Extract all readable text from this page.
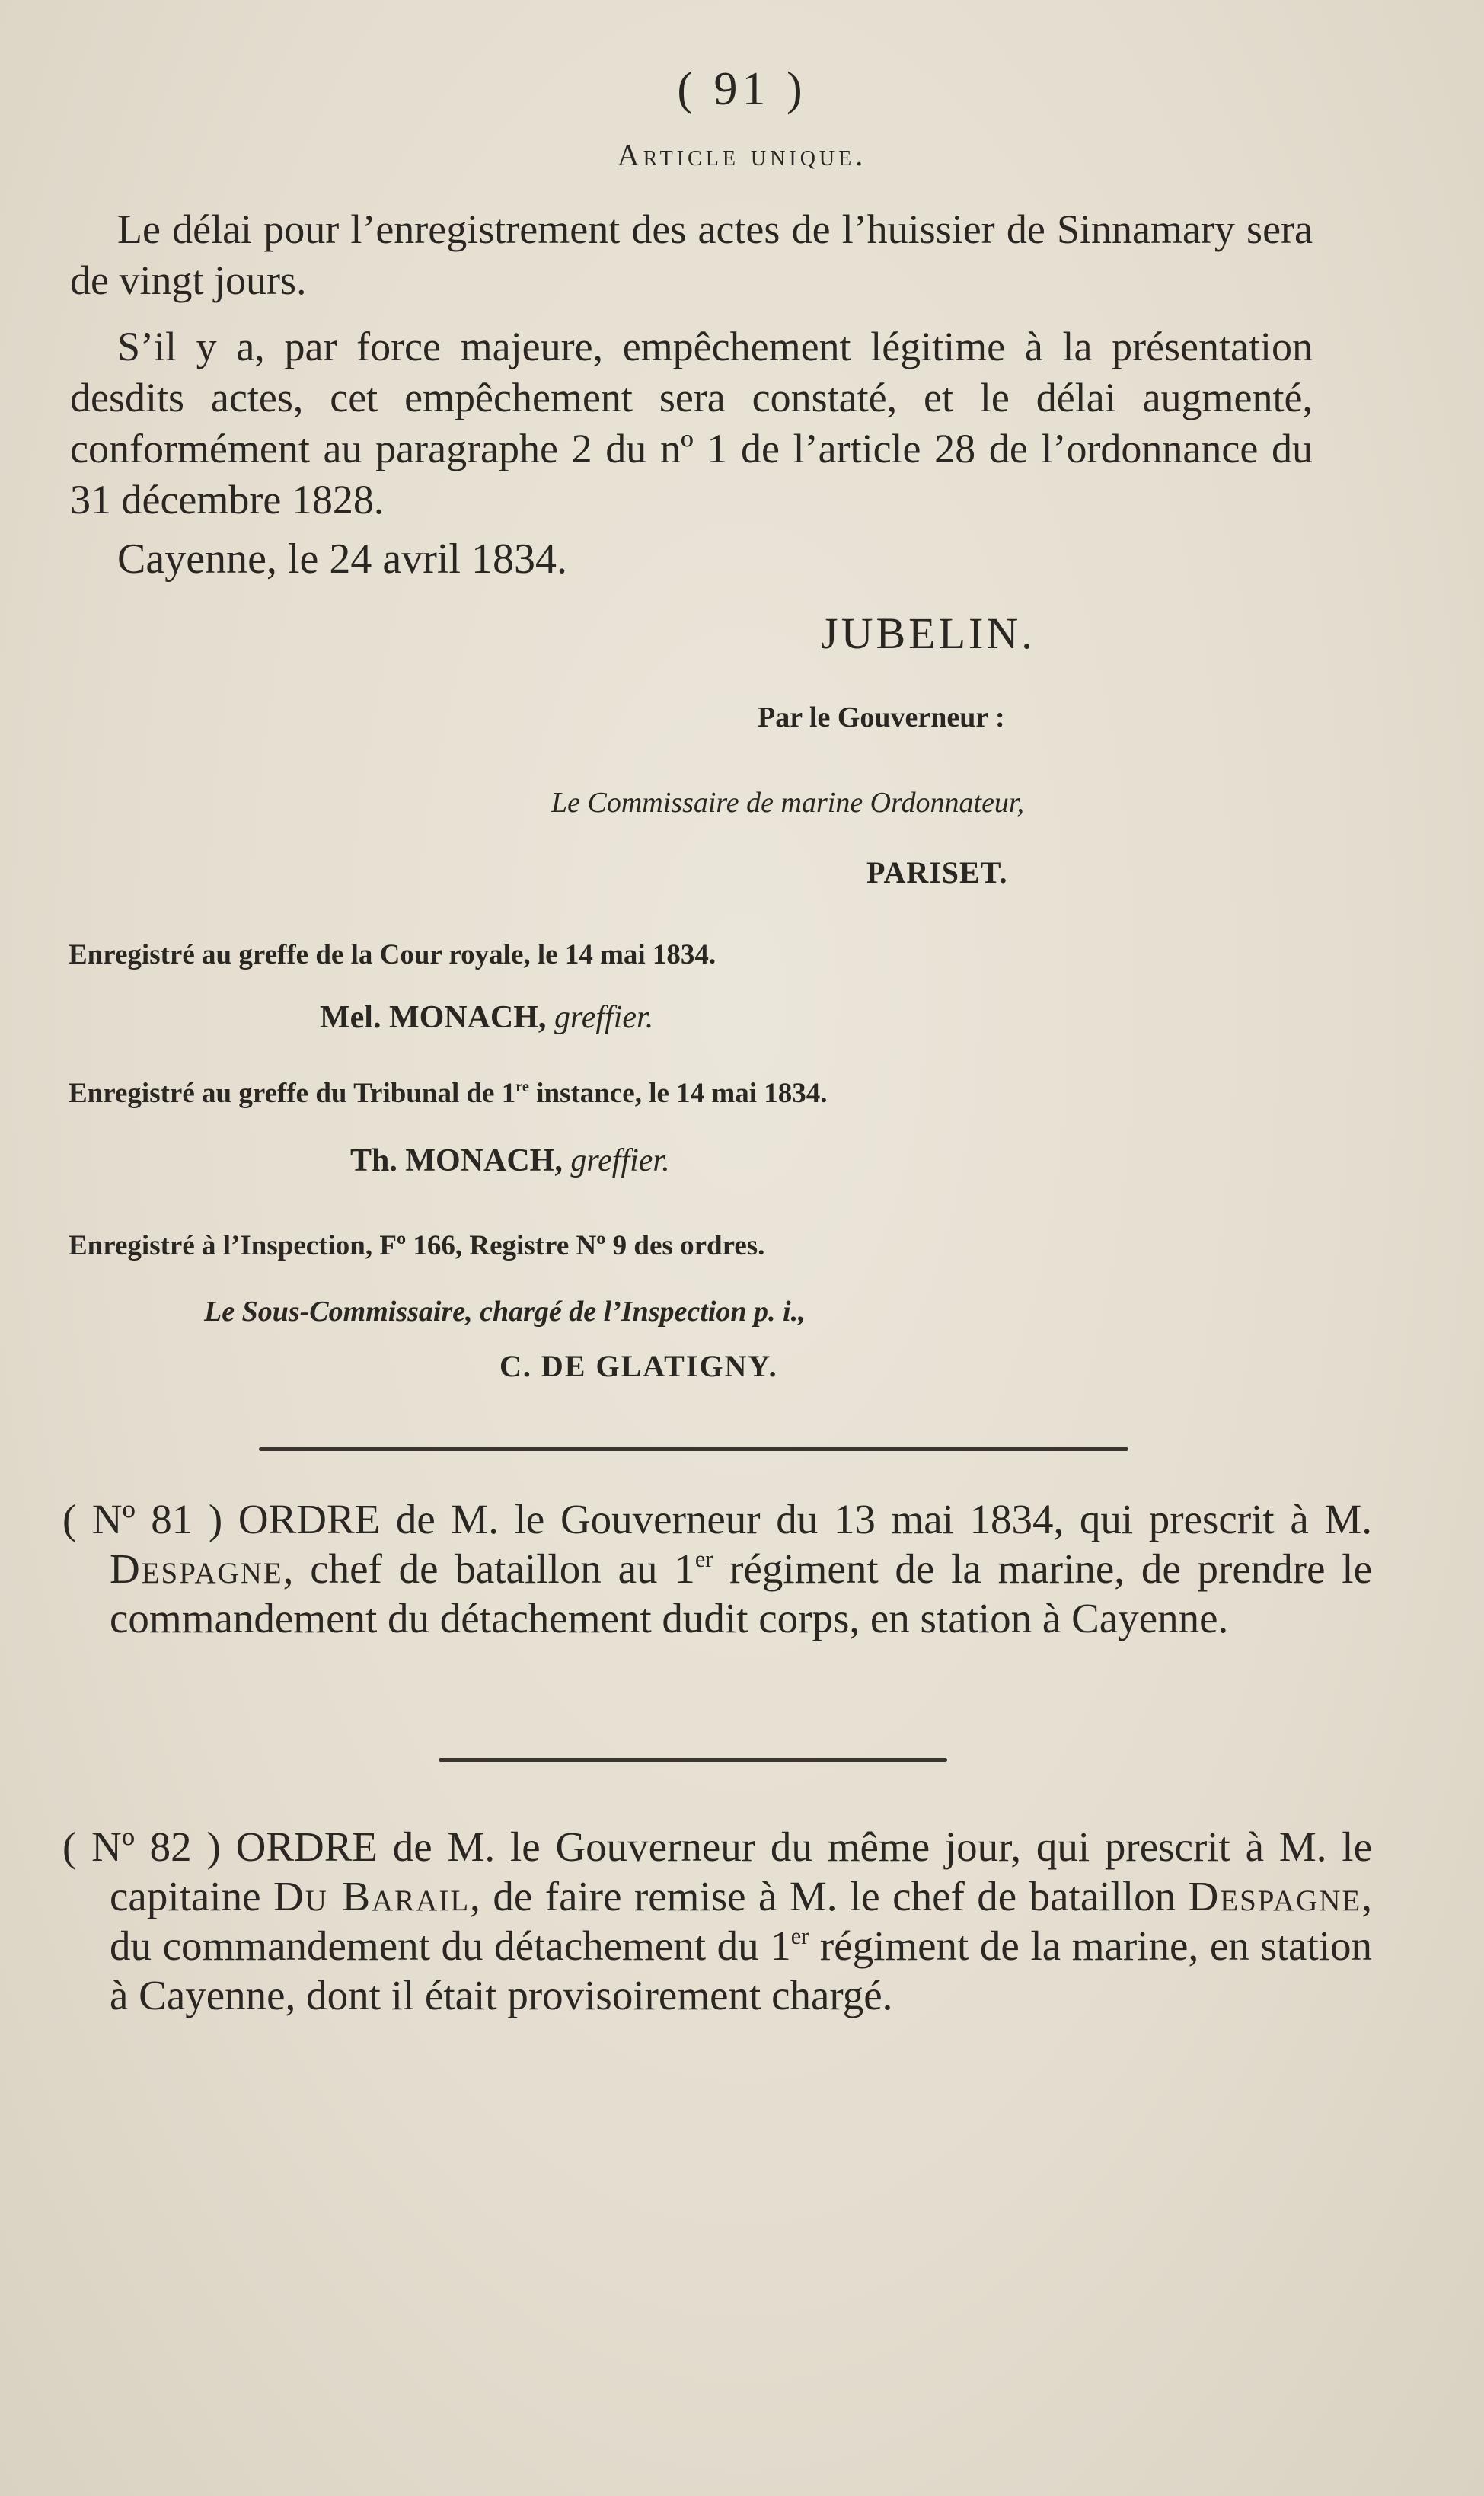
( 91 )
Article unique.
Le délai pour l’enregistrement des actes de l’huissier de Sinnamary sera de vingt jours.
S’il y a, par force majeure, empêchement légitime à la présentation desdits actes, cet empêchement sera constaté, et le délai augmenté, conformément au paragraphe 2 du nº 1 de l’article 28 de l’ordonnance du 31 décembre 1828.
Cayenne, le 24 avril 1834.
JUBELIN.
Par le Gouverneur :
Le Commissaire de marine Ordonnateur,
PARISET.
Enregistré au greffe de la Cour royale, le 14 mai 1834.
Mel. MONACH, greffier.
Enregistré au greffe du Tribunal de 1re instance, le 14 mai 1834.
Th. MONACH, greffier.
Enregistré à l’Inspection, Fº 166, Registre Nº 9 des ordres.
Le Sous-Commissaire, chargé de l’Inspection p. i.,
C. DE GLATIGNY.
( Nº 81 ) ORDRE de M. le Gouverneur du 13 mai 1834, qui prescrit à M. Despagne, chef de bataillon au 1er régiment de la marine, de prendre le commandement du détachement dudit corps, en station à Cayenne.
( Nº 82 ) ORDRE de M. le Gouverneur du même jour, qui prescrit à M. le capitaine Du Barail, de faire remise à M. le chef de bataillon Despagne, du commandement du détachement du 1er régiment de la marine, en station à Cayenne, dont il était provisoirement chargé.
